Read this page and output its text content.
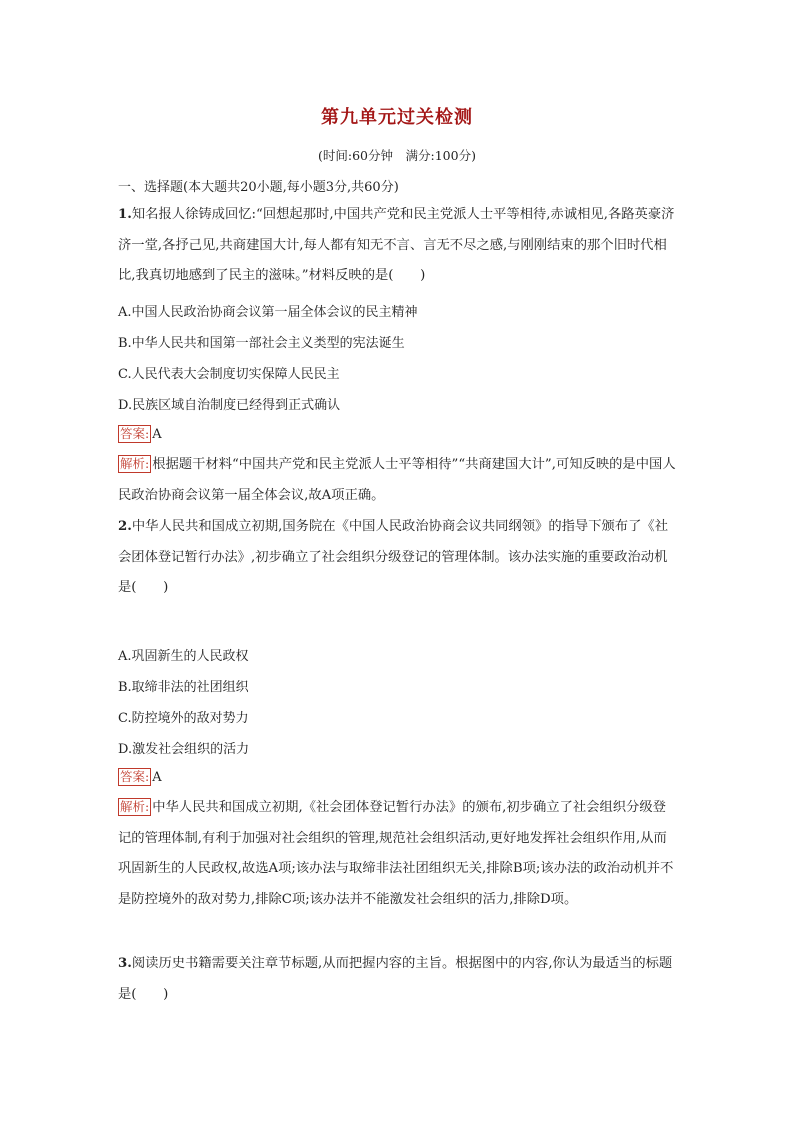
第九单元过关检测
(时间:60分钟　满分:100分)
一、选择题(本大题共20小题,每小题3分,共60分)
1.知名报人徐铸成回忆:“回想起那时,中国共产党和民主党派人士平等相待,赤诚相见,各路英豪济济一堂,各抒己见,共商建国大计,每人都有知无不言、言无不尽之感,与刚刚结束的那个旧时代相比,我真切地感到了民主的滋味。”材料反映的是(　　)
A.中国人民政治协商会议第一届全体会议的民主精神
B.中华人民共和国第一部社会主义类型的宪法诞生
C.人民代表大会制度切实保障人民民主
D.民族区域自治制度已经得到正式确认
答案: A
解析: 根据题干材料“中国共产党和民主党派人士平等相待”“共商建国大计”,可知反映的是中国人民政治协商会议第一届全体会议,故A项正确。
2.中华人民共和国成立初期,国务院在《中国人民政治协商会议共同纲领》的指导下颁布了《社会团体登记暂行办法》,初步确立了社会组织分级登记的管理体制。该办法实施的重要政治动机是(　　)
A.巩固新生的人民政权
B.取缔非法的社团组织
C.防控境外的敌对势力
D.激发社会组织的活力
答案: A
解析: 中华人民共和国成立初期,《社会团体登记暂行办法》的颁布,初步确立了社会组织分级登记的管理体制,有利于加强对社会组织的管理,规范社会组织活动,更好地发挥社会组织作用,从而巩固新生的人民政权,故选A项;该办法与取缔非法社团组织无关,排除B项;该办法的政治动机并不是防控境外的敌对势力,排除C项;该办法并不能激发社会组织的活力,排除D项。
3.阅读历史书籍需要关注章节标题,从而把握内容的主旨。根据图中的内容,你认为最适当的标题是(　　)
